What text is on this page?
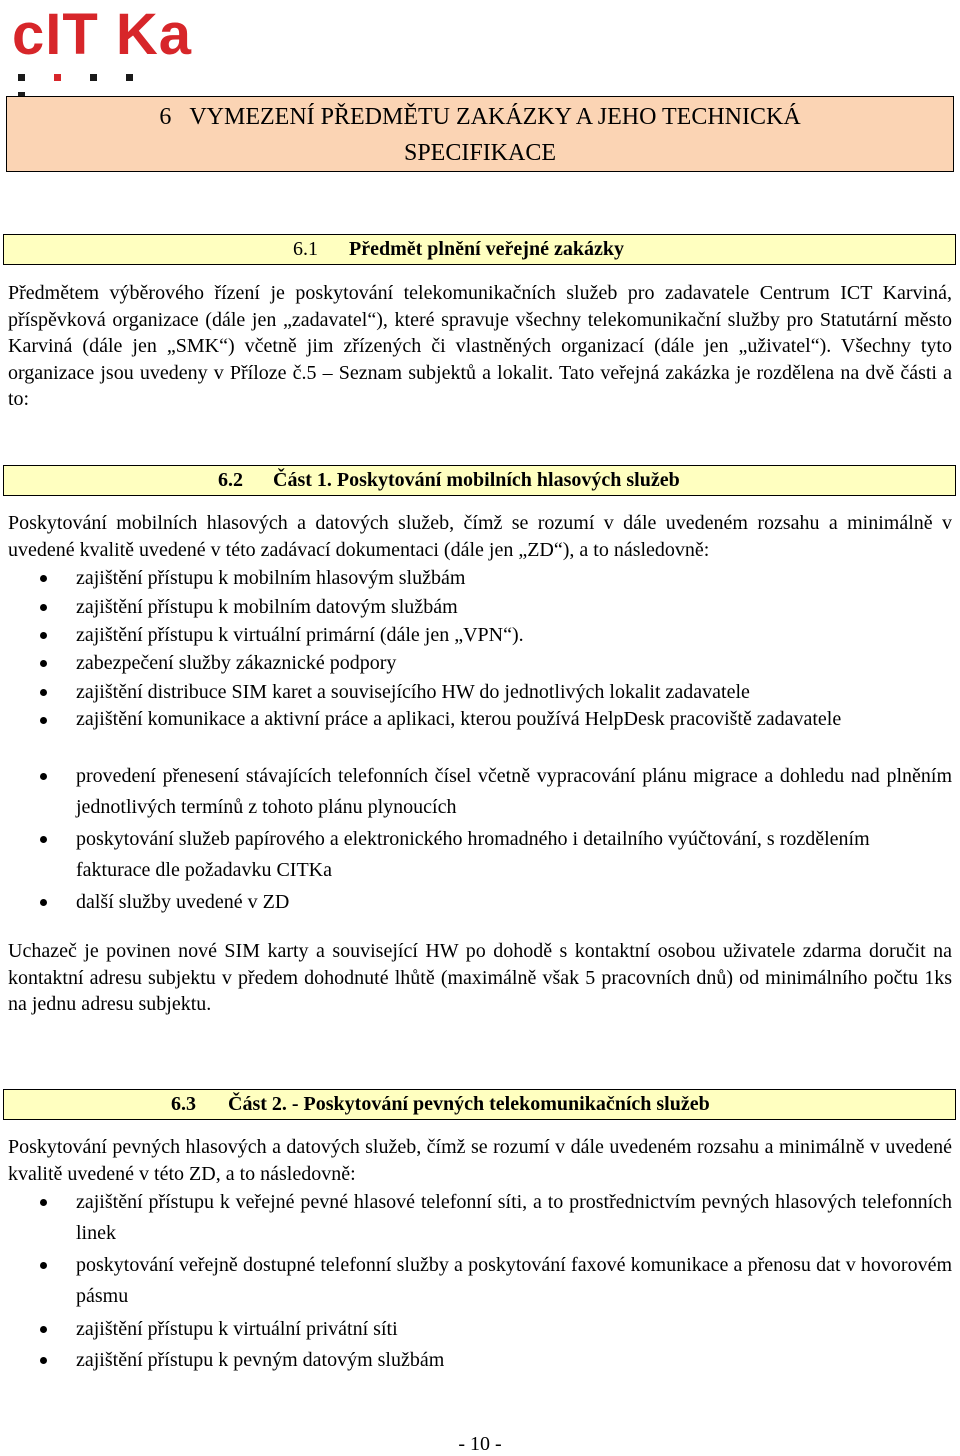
cIT Ka
6 VYMEZENÍ PŘEDMĚTU ZAKÁZKY A JEHO TECHNICKÁ
SPECIFIKACE
6.1 Předmět plnění veřejné zakázky

Předmětem výběrového řízení je poskytování telekomunikačních služeb pro zadavatele Centrum ICT Karviná, příspěvková organizace (dále jen „zadavatel“), které spravuje všechny telekomunikační služby pro Statutární město Karviná (dále jen „SMK“) včetně jim zřízených či vlastněných organizací (dále jen „uživatel“). Všechny tyto organizace jsou uvedeny v Příloze č.5 – Seznam subjektů a lokalit. Tato veřejná zakázka je rozdělena na dvě části a to:

6.2 Část 1. Poskytování mobilních hlasových služeb

Poskytování mobilních hlasových a datových služeb, čímž se rozumí v dále uvedeném rozsahu a minimálně v uvedené kvalitě uvedené v této zadávací dokumentaci (dále jen „ZD“), a to následovně:

zajištění přístupu k mobilním hlasovým službám
zajištění přístupu k mobilním datovým službám
zajištění přístupu k virtuální primární (dále jen „VPN“).
zabezpečení služby zákaznické podpory
zajištění distribuce SIM karet a souvisejícího HW do jednotlivých lokalit zadavatele
zajištění komunikace a aktivní práce a aplikaci, kterou používá HelpDesk pracoviště zadavatele
provedení přenesení stávajících telefonních čísel včetně vypracování plánu migrace a dohledu nad plněním jednotlivých termínů z tohoto plánu plynoucích
poskytování služeb papírového a elektronického hromadného i detailního vyúčtování, s rozdělením fakturace dle požadavku CITKa
další služby uvedené v ZD

Uchazeč je povinen nové SIM karty a související HW po dohodě s kontaktní osobou uživatele zdarma doručit na kontaktní adresu subjektu v předem dohodnuté lhůtě (maximálně však 5 pracovních dnů) od minimálního počtu 1ks na jednu adresu subjektu.

6.3 Část 2. - Poskytování pevných telekomunikačních služeb

Poskytování pevných hlasových a datových služeb, čímž se rozumí v dále uvedeném rozsahu a minimálně v uvedené kvalitě uvedené v této ZD, a to následovně:

zajištění přístupu k veřejné pevné hlasové telefonní síti, a to prostřednictvím pevných hlasových telefonních linek
poskytování veřejně dostupné telefonní služby a poskytování faxové komunikace a přenosu dat v hovorovém pásmu
zajištění přístupu k virtuální privátní síti
zajištění přístupu k pevným datovým službám
- 10 -
